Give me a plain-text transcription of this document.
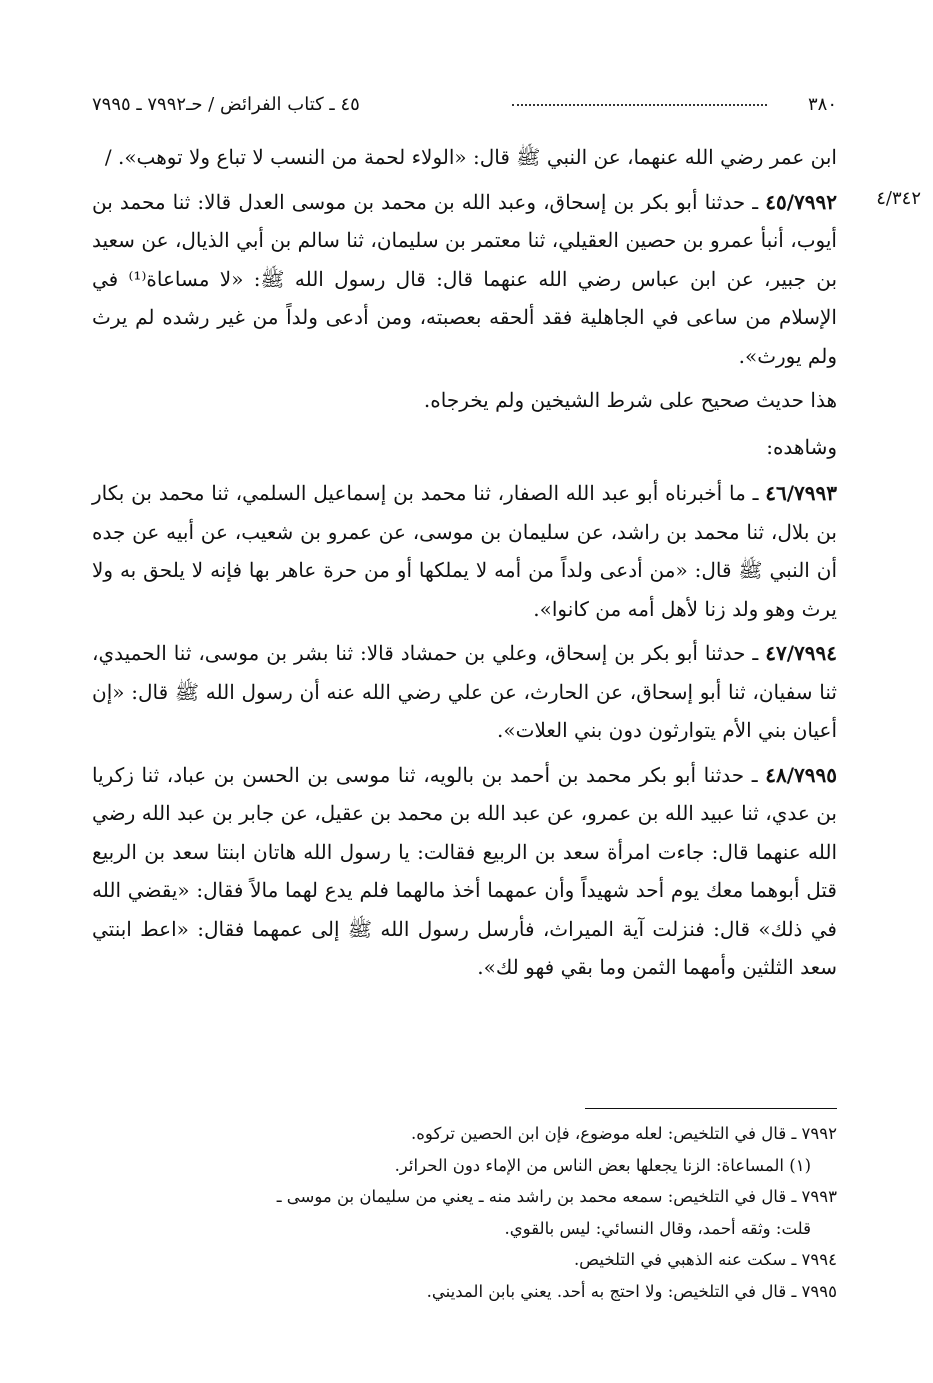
٣٨٠
٤٥ ـ كتاب الفرائض / حـ٧٩٩٢ ـ ٧٩٩٥
٤/٣٤٢

ابن عمر رضي الله عنهما، عن النبي ﷺ قال: «الولاء لحمة من النسب لا تباع ولا توهب». /

٤٥/٧٩٩٢ ـ حدثنا أبو بكر بن إسحاق، وعبد الله بن محمد بن موسى العدل قالا: ثنا محمد بن أيوب، أنبأ عمرو بن حصين العقيلي، ثنا معتمر بن سليمان، ثنا سالم بن أبي الذيال، عن سعيد بن جبير، عن ابن عباس رضي الله عنهما قال: قال رسول الله ﷺ: «لا مساعاة⁽¹⁾ في الإسلام من ساعى في الجاهلية فقد ألحقه بعصبته، ومن أدعى ولداً من غير رشده لم يرث ولم يورث».

هذا حديث صحيح على شرط الشيخين ولم يخرجاه.

وشاهده:

٤٦/٧٩٩٣ ـ ما أخبرناه أبو عبد الله الصفار، ثنا محمد بن إسماعيل السلمي، ثنا محمد بن بكار بن بلال، ثنا محمد بن راشد، عن سليمان بن موسى، عن عمرو بن شعيب، عن أبيه عن جده أن النبي ﷺ قال: «من أدعى ولداً من أمه لا يملكها أو من حرة عاهر بها فإنه لا يلحق به ولا يرث وهو ولد زنا لأهل أمه من كانوا».

٤٧/٧٩٩٤ ـ حدثنا أبو بكر بن إسحاق، وعلي بن حمشاد قالا: ثنا بشر بن موسى، ثنا الحميدي، ثنا سفيان، ثنا أبو إسحاق، عن الحارث، عن علي رضي الله عنه أن رسول الله ﷺ قال: «إن أعيان بني الأم يتوارثون دون بني العلات».

٤٨/٧٩٩٥ ـ حدثنا أبو بكر محمد بن أحمد بن بالويه، ثنا موسى بن الحسن بن عباد، ثنا زكريا بن عدي، ثنا عبيد الله بن عمرو، عن عبد الله بن محمد بن عقيل، عن جابر بن عبد الله رضي الله عنهما قال: جاءت امرأة سعد بن الربيع فقالت: يا رسول الله هاتان ابنتا سعد بن الربيع قتل أبوهما معك يوم أحد شهيداً وأن عمهما أخذ مالهما فلم يدع لهما مالاً فقال: «يقضي الله في ذلك» قال: فنزلت آية الميراث، فأرسل رسول الله ﷺ إلى عمهما فقال: «اعط ابنتي سعد الثلثين وأمهما الثمن وما بقي فهو لك».

٧٩٩٢ ـ قال في التلخيص: لعله موضوع، فإن ابن الحصين تركوه.

(١) المساعاة: الزنا يجعلها بعض الناس من الإماء دون الحرائر.

٧٩٩٣ ـ قال في التلخيص: سمعه محمد بن راشد منه ـ يعني من سليمان بن موسى ـ

قلت: وثقه أحمد، وقال النسائي: ليس بالقوي.

٧٩٩٤ ـ سكت عنه الذهبي في التلخيص.

٧٩٩٥ ـ قال في التلخيص: ولا احتج به أحد. يعني بابن المديني.
